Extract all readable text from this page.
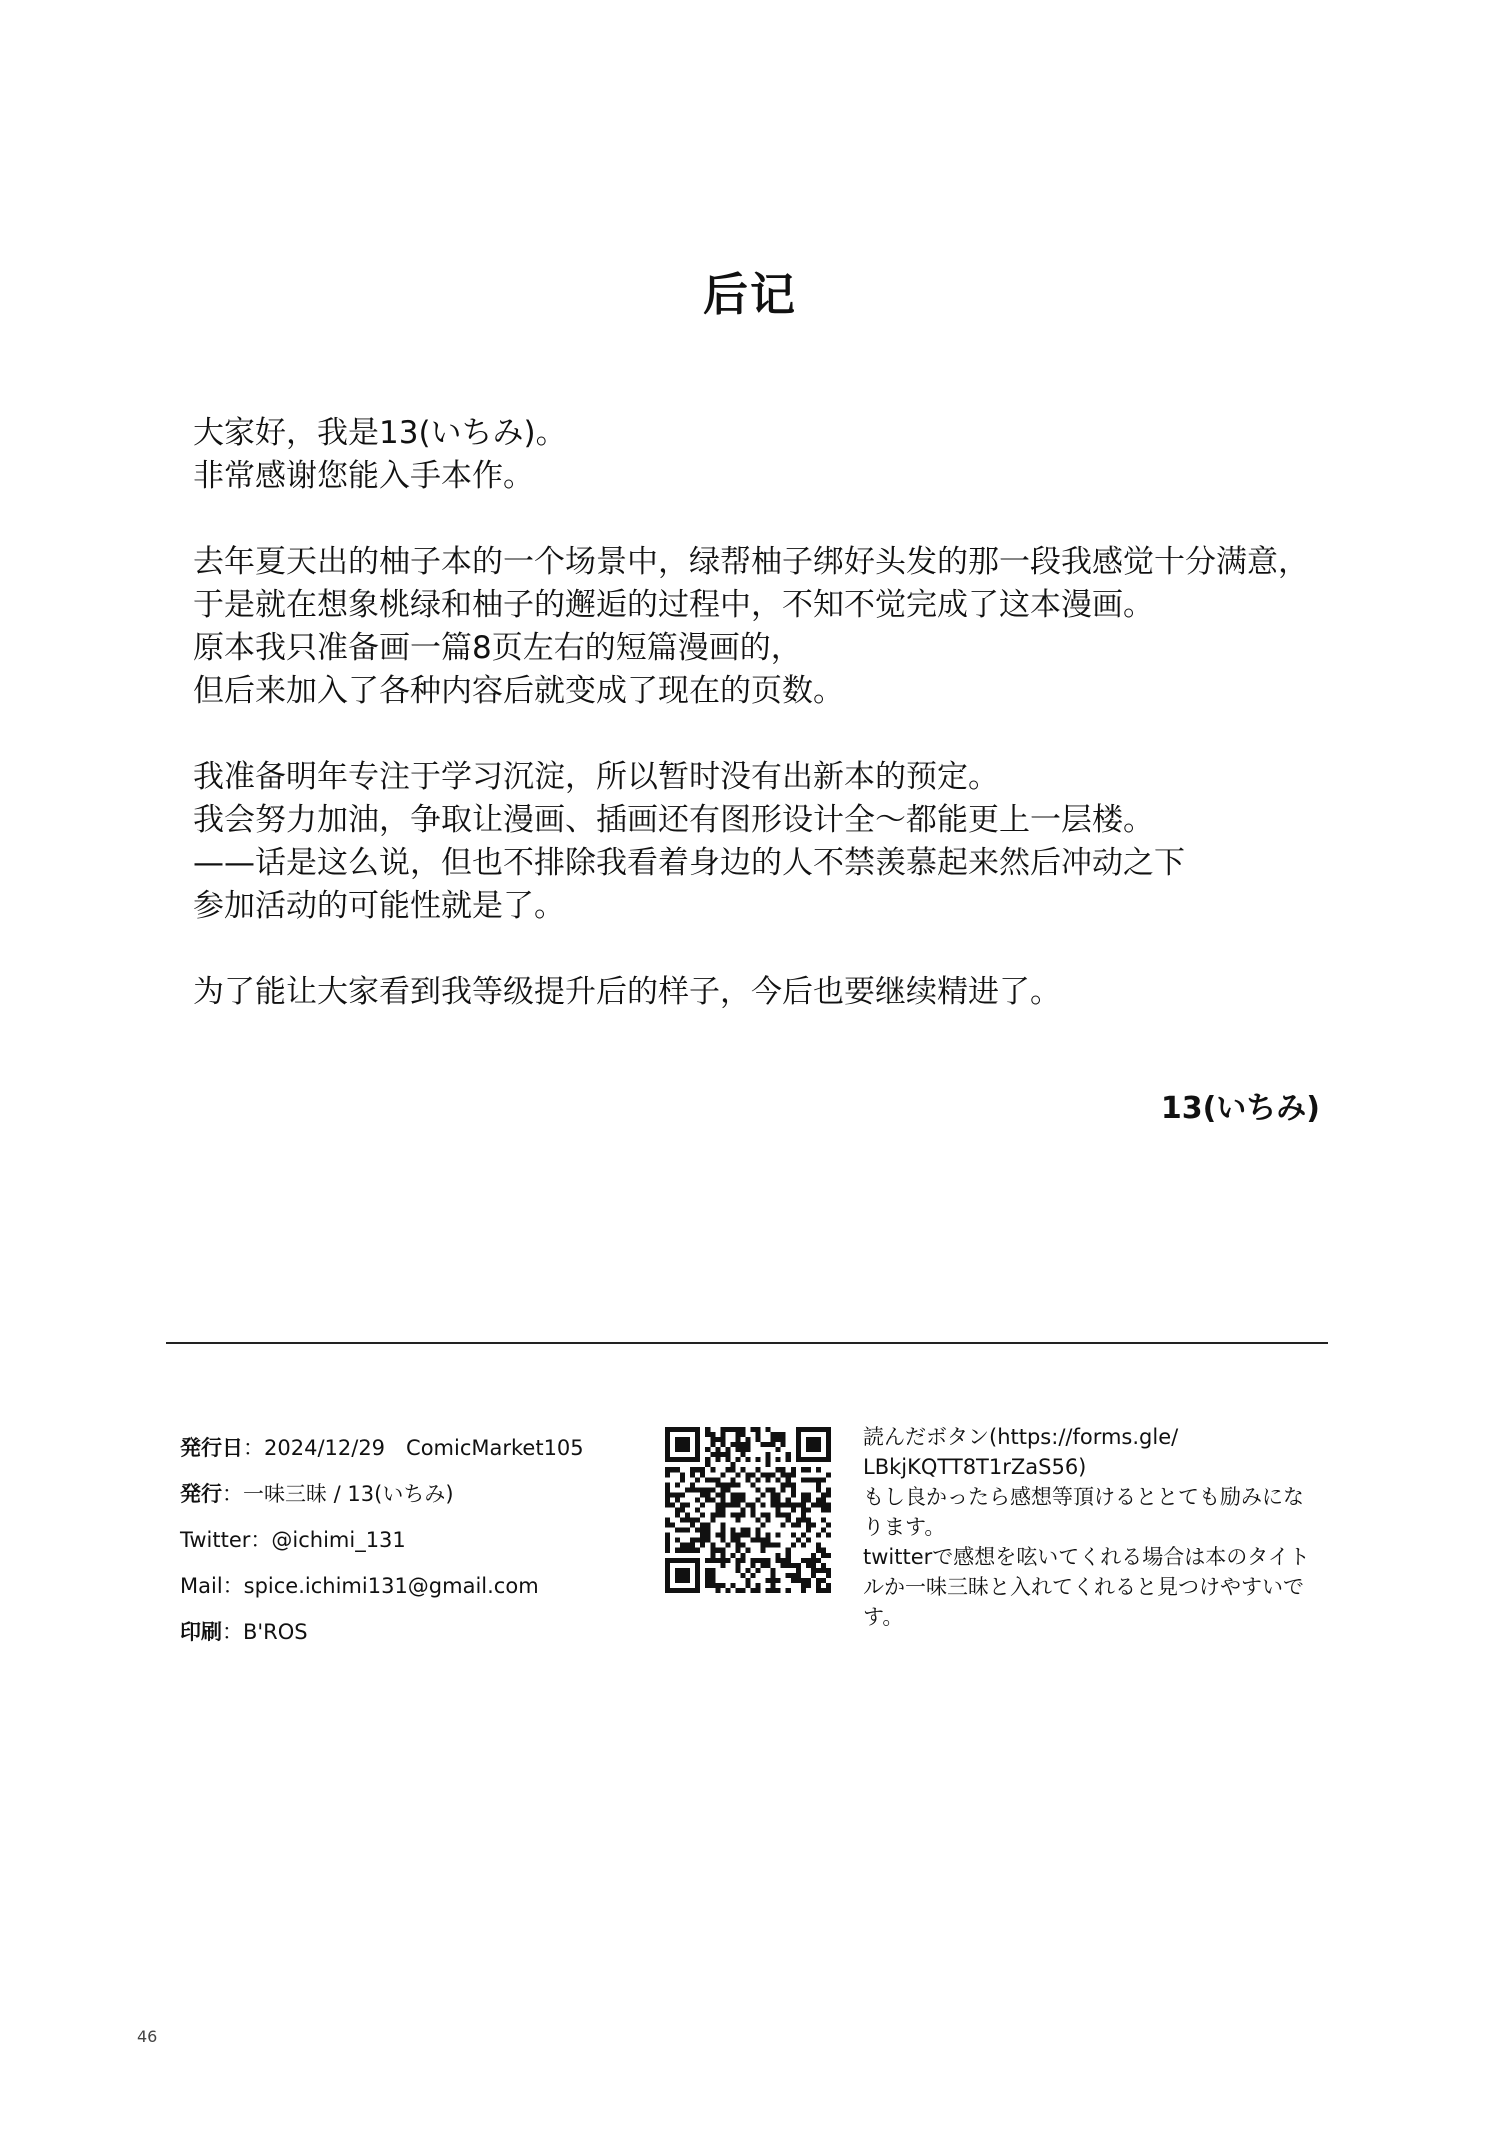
后记
大家好，我是13(いちみ)。
非常感谢您能入手本作。
去年夏天出的柚子本的一个场景中，绿帮柚子绑好头发的那一段我感觉十分满意，
于是就在想象桃绿和柚子的邂逅的过程中，不知不觉完成了这本漫画。
原本我只准备画一篇8页左右的短篇漫画的，
但后来加入了各种内容后就变成了现在的页数。
我准备明年专注于学习沉淀，所以暂时没有出新本的预定。
我会努力加油，争取让漫画、插画还有图形设计全〜都能更上一层楼。
——话是这么说，但也不排除我看着身边的人不禁羡慕起来然后冲动之下
参加活动的可能性就是了。
为了能让大家看到我等级提升后的样子，今后也要继续精进了。
13(いちみ)
発行日：2024/12/29　ComicMarket105
発行：一味三昧 / 13(いちみ)
Twitter：@ichimi_131
Mail：spice.ichimi131@gmail.com
印刷：B'ROS
読んだボタン(https://forms.gle/
LBkjKQTT8T1rZaS56)
もし良かったら感想等頂けるととても励みにな
ります。
twitterで感想を呟いてくれる場合は本のタイト
ルか一味三昧と入れてくれると見つけやすいで
す。
46
